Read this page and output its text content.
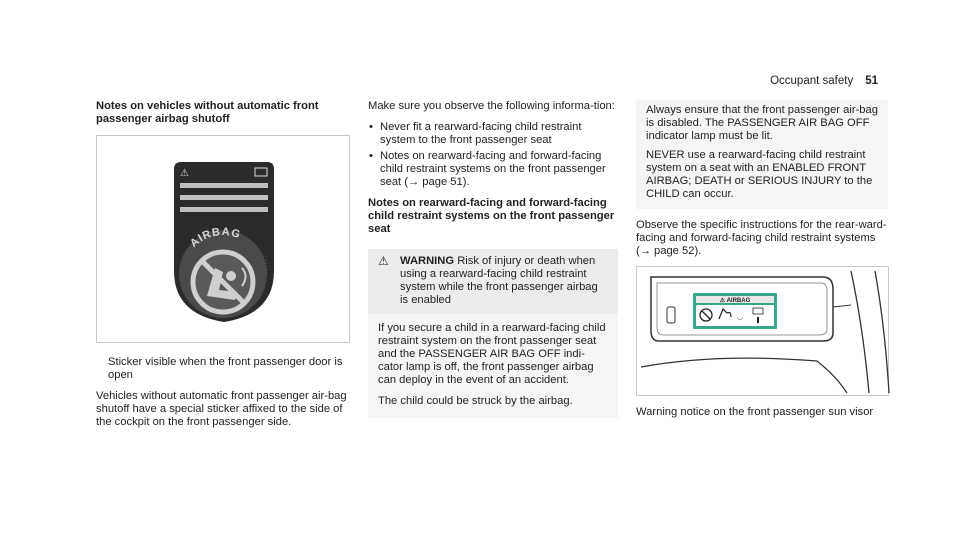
Occupant safety 51
Notes on vehicles without automatic front passenger airbag shutoff
⚠
AIRBAG
· · · · · ·

Sticker visible when the front passenger door is open

Vehicles without automatic front passenger air-bag shutoff have a special sticker affixed to the side of the cockpit on the front passenger side.

Make sure you observe the following informa-tion:

• Never fit a rearward-facing child restraint system to the front passenger seat
• Notes on rearward-facing and forward-facing child restraint systems on the front passenger seat (→ page 51).
Notes on rearward-facing and forward-facing child restraint systems on the front passenger seat
⚠	WARNING Risk of injury or death when using a rearward-facing child restraint system while the front passenger airbag is enabled

If you secure a child in a rearward-facing child restraint system on the front passenger seat and the PASSENGER AIR BAG OFF indi-cator lamp is off, the front passenger airbag can deploy in the event of an accident.

The child could be struck by the airbag.

Always ensure that the front passenger air-bag is disabled. The PASSENGER AIR BAG OFF indicator lamp must be lit.

NEVER use a rearward-facing child restraint system on a seat with an ENABLED FRONT AIRBAG; DEATH or SERIOUS INJURY to the CHILD can occur.

Observe the specific instructions for the rear-ward-facing and forward-facing child restraint systems (→ page 52).

⚠ AIRBAG
◡

Warning notice on the front passenger sun visor
